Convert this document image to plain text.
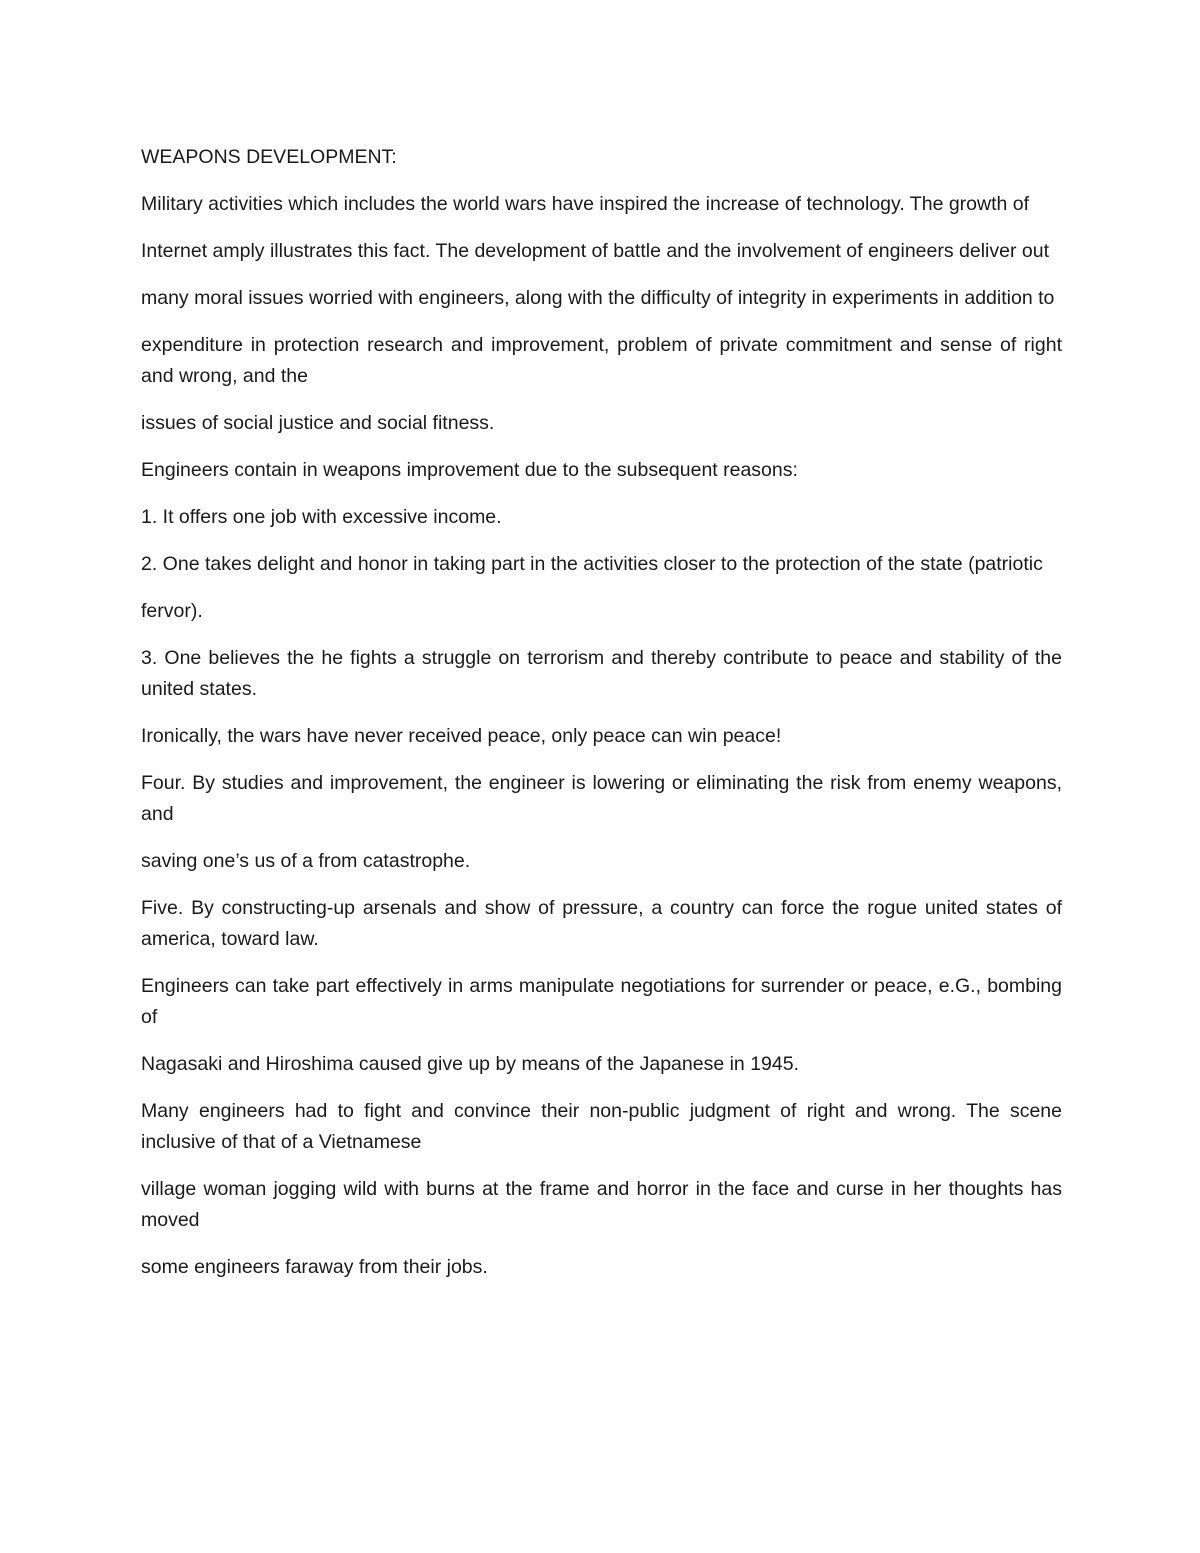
WEAPONS DEVELOPMENT:

Military activities which includes the world wars have inspired the increase of technology. The growth of

Internet amply illustrates this fact. The development of battle and the involvement of engineers deliver out

many moral issues worried with engineers, along with the difficulty of integrity in experiments in addition to

expenditure in protection research and improvement, problem of private commitment and sense of right and wrong, and the

issues of social justice and social fitness.

Engineers contain in weapons improvement due to the subsequent reasons:

1. It offers one job with excessive income.

2. One takes delight and honor in taking part in the activities closer to the protection of the state (patriotic

fervor).

3. One believes the he fights a struggle on terrorism and thereby contribute to peace and stability of the united states.

Ironically, the wars have never received peace, only peace can win peace!

Four. By studies and improvement, the engineer is lowering or eliminating the risk from enemy weapons, and

saving one’s us of a from catastrophe.

Five. By constructing-up arsenals and show of pressure, a country can force the rogue united states of america, toward law.

Engineers can take part effectively in arms manipulate negotiations for surrender or peace, e.G., bombing of

Nagasaki and Hiroshima caused give up by means of the Japanese in 1945.

Many engineers had to fight and convince their non-public judgment of right and wrong. The scene inclusive of that of a Vietnamese

village woman jogging wild with burns at the frame and horror in the face and curse in her thoughts has moved

some engineers faraway from their jobs.
